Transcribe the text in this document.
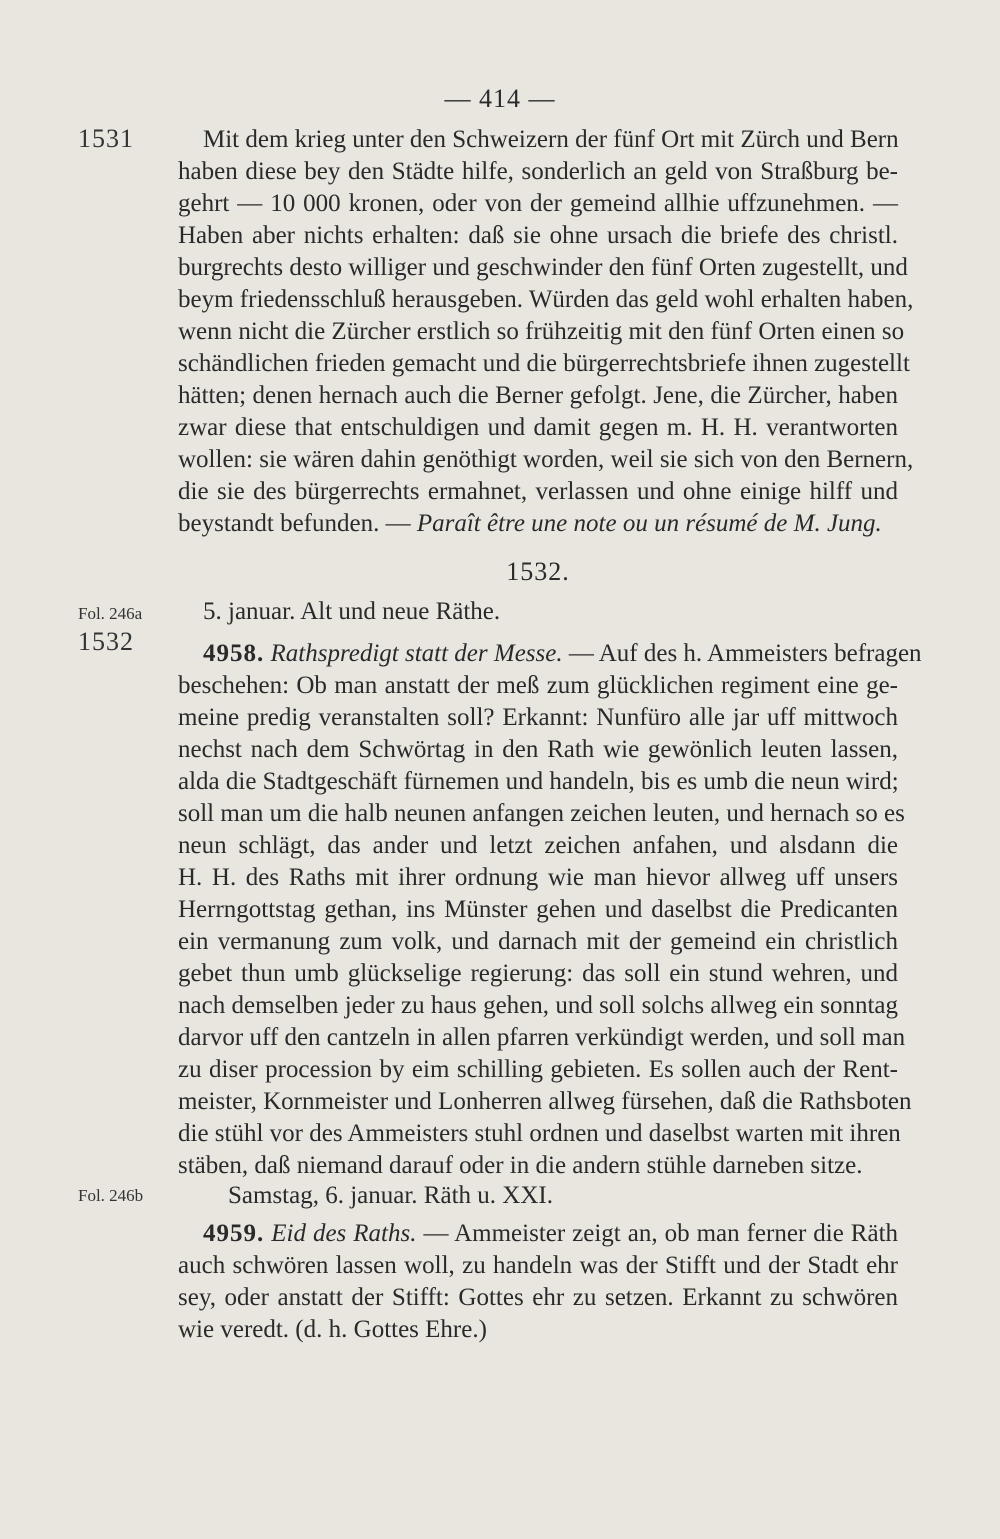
— 414 —
1531
Fol. 246a
1532
Fol. 246b
Mit dem krieg unter den Schweizern der fünf Ort mit Zürch und Bern
haben diese bey den Städte hilfe, sonderlich an geld von Straßburg be-
gehrt — 10 000 kronen, oder von der gemeind allhie uffzunehmen. —
Haben aber nichts erhalten: daß sie ohne ursach die briefe des christl.
burgrechts desto williger und geschwinder den fünf Orten zugestellt, und
beym friedensschluß herausgeben. Würden das geld wohl erhalten haben,
wenn nicht die Zürcher erstlich so frühzeitig mit den fünf Orten einen so
schändlichen frieden gemacht und die bürgerrechtsbriefe ihnen zugestellt
hätten; denen hernach auch die Berner gefolgt. Jene, die Zürcher, haben
zwar diese that entschuldigen und damit gegen m. H. H. verantworten
wollen: sie wären dahin genöthigt worden, weil sie sich von den Bernern,
die sie des bürgerrechts ermahnet, verlassen und ohne einige hilff und
beystandt befunden. — Paraît être une note ou un résumé de M. Jung.
1532.
5. januar. Alt und neue Räthe.
4958. Rathspredigt statt der Messe. — Auf des h. Ammeisters befragen
beschehen: Ob man anstatt der meß zum glücklichen regiment eine ge-
meine predig veranstalten soll? Erkannt: Nunfüro alle jar uff mittwoch
nechst nach dem Schwörtag in den Rath wie gewönlich leuten lassen,
alda die Stadtgeschäft fürnemen und handeln, bis es umb die neun wird;
soll man um die halb neunen anfangen zeichen leuten, und hernach so es
neun schlägt, das ander und letzt zeichen anfahen, und alsdann die
H. H. des Raths mit ihrer ordnung wie man hievor allweg uff unsers
Herrngottstag gethan, ins Münster gehen und daselbst die Predicanten
ein vermanung zum volk, und darnach mit der gemeind ein christlich
gebet thun umb glückselige regierung: das soll ein stund wehren, und
nach demselben jeder zu haus gehen, und soll solchs allweg ein sonntag
darvor uff den cantzeln in allen pfarren verkündigt werden, und soll man
zu diser procession by eim schilling gebieten. Es sollen auch der Rent-
meister, Kornmeister und Lonherren allweg fürsehen, daß die Rathsboten
die stühl vor des Ammeisters stuhl ordnen und daselbst warten mit ihren
stäben, daß niemand darauf oder in die andern stühle darneben sitze.
Samstag, 6. januar. Räth u. XXI.
4959. Eid des Raths. — Ammeister zeigt an, ob man ferner die Räth
auch schwören lassen woll, zu handeln was der Stifft und der Stadt ehr
sey, oder anstatt der Stifft: Gottes ehr zu setzen. Erkannt zu schwören
wie veredt. (d. h. Gottes Ehre.)
